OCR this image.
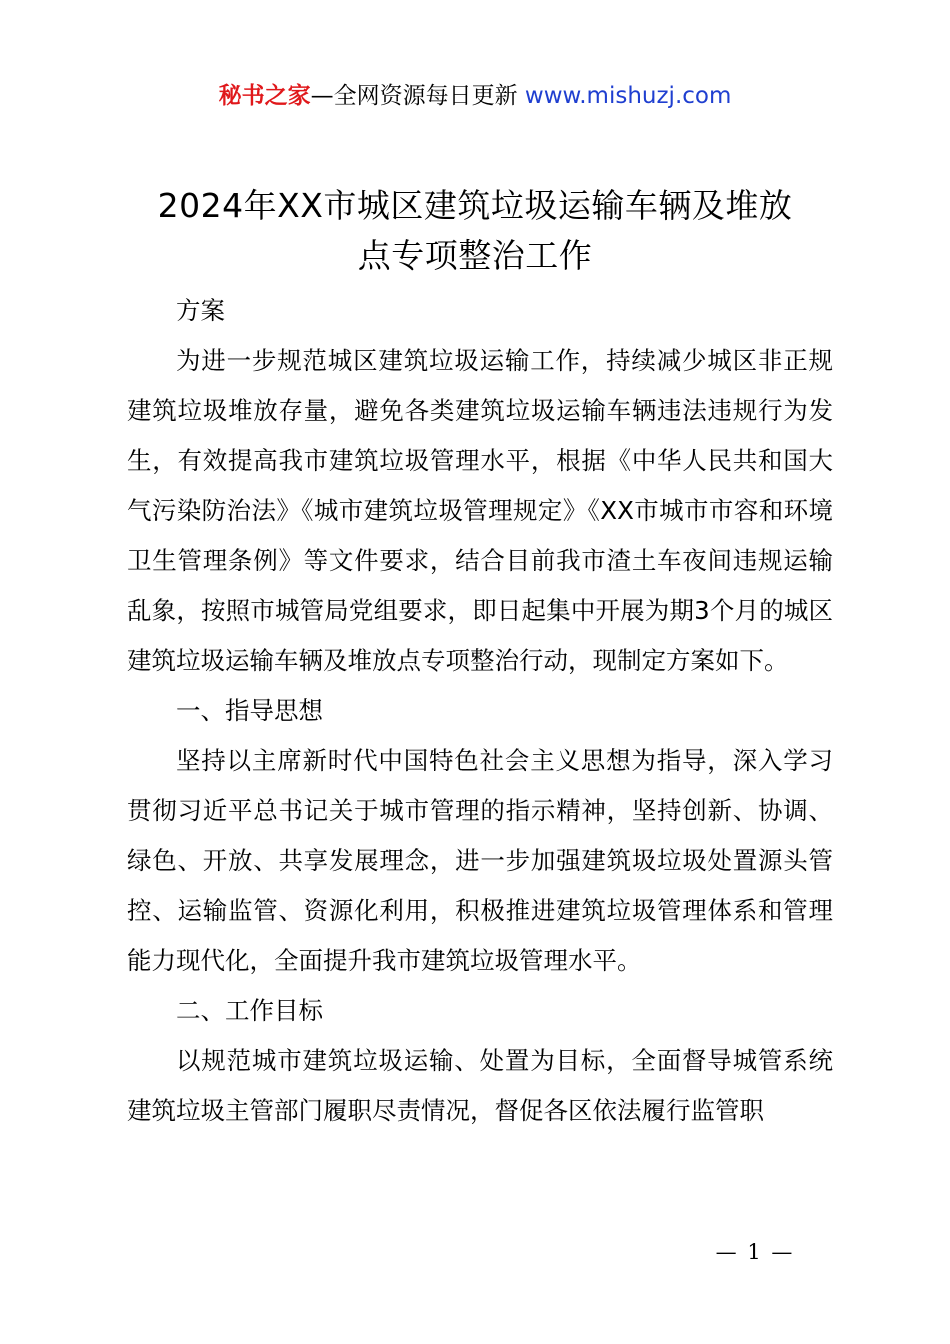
秘书之家—全网资源每日更新 www.mishuzj.com
2024年XX市城区建筑垃圾运输车辆及堆放
点专项整治工作

方案

为进一步规范城区建筑垃圾运输工作，持续减少城区非正规建筑垃圾堆放存量，避免各类建筑垃圾运输车辆违法违规行为发生，有效提高我市建筑垃圾管理水平，根据《中华人民共和国大气污染防治法》《城市建筑垃圾管理规定》《XX市城市市容和环境卫生管理条例》等文件要求，结合目前我市渣土车夜间违规运输乱象，按照市城管局党组要求，即日起集中开展为期3个月的城区建筑垃圾运输车辆及堆放点专项整治行动，现制定方案如下。

一、指导思想

坚持以主席新时代中国特色社会主义思想为指导，深入学习贯彻习近平总书记关于城市管理的指示精神，坚持创新、协调、绿色、开放、共享发展理念，进一步加强建筑圾垃圾处置源头管控、运输监管、资源化利用，积极推进建筑垃圾管理体系和管理能力现代化，全面提升我市建筑垃圾管理水平。

二、工作目标

以规范城市建筑垃圾运输、处置为目标，全面督导城管系统建筑垃圾主管部门履职尽责情况，督促各区依法履行监管职

— 1 —
